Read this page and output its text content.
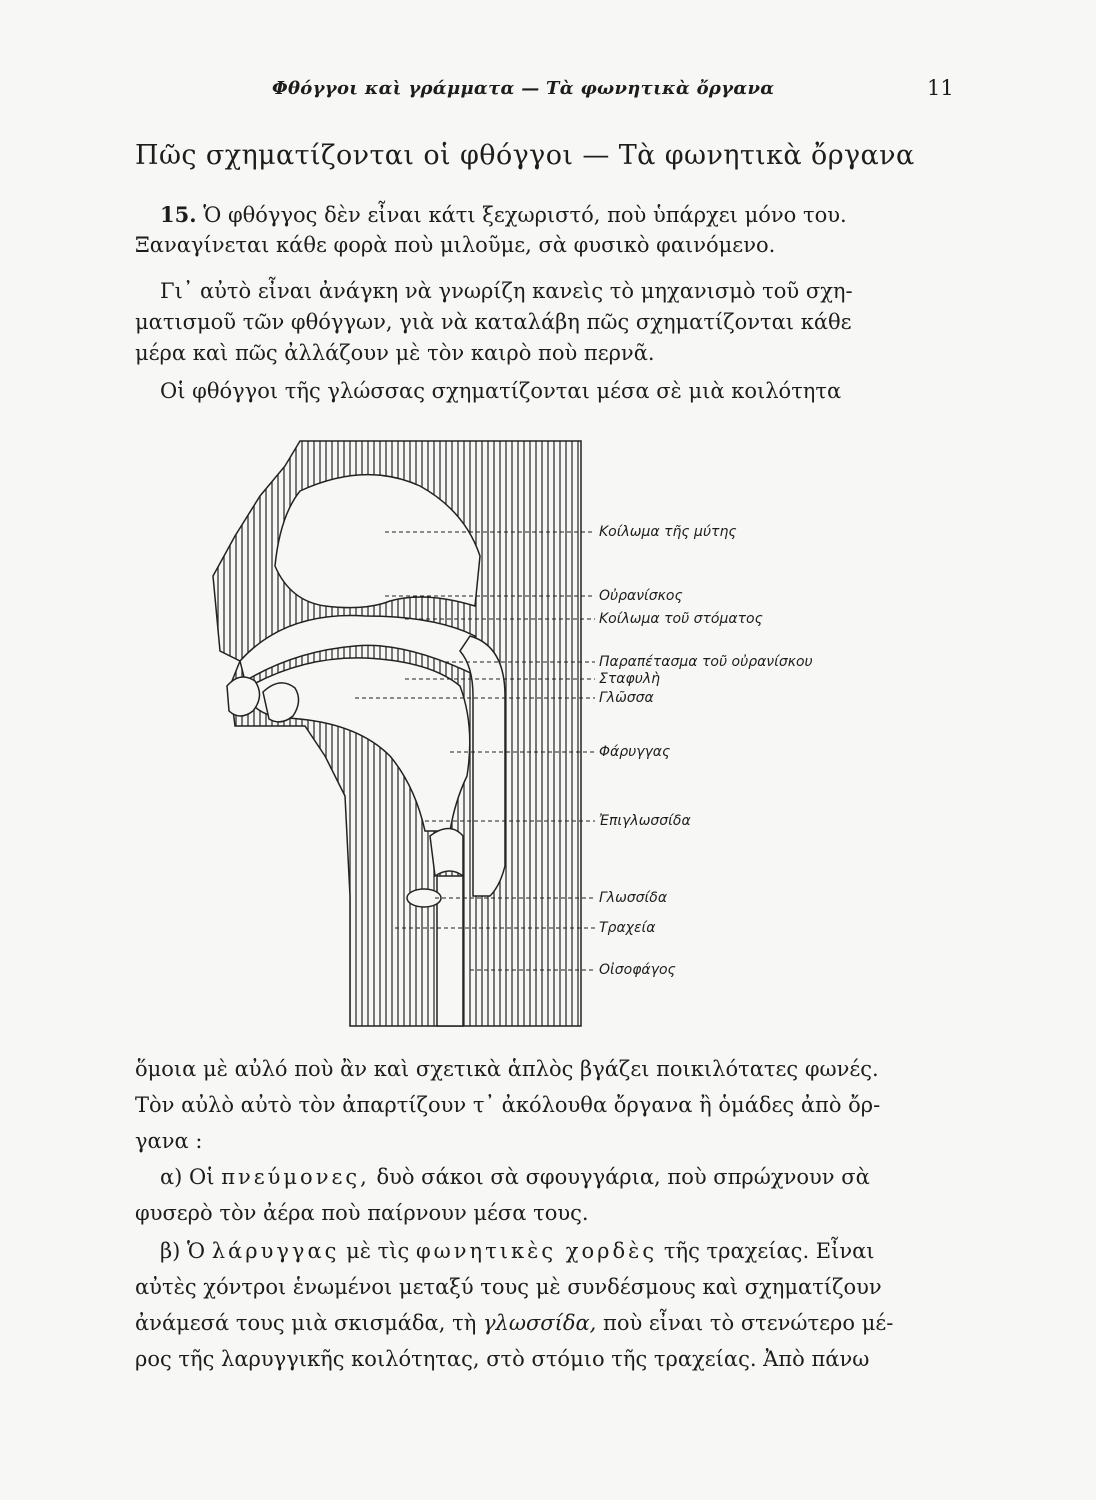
Φθόγγοι καὶ γράμματα — Τὰ φωνητικὰ ὄργανα	11
Πῶς σχηματίζονται οἱ φθόγγοι — Τὰ φωνητικὰ ὄργανα
15. Ὁ φθόγγος δὲν εἶναι κάτι ξεχωριστό, ποὺ ὑπάρχει μόνο του.
Ξαναγίνεται κάθε φορὰ ποὺ μιλοῦμε, σὰ φυσικὸ φαινόμενο.
Γι᾿ αὐτὸ εἶναι ἀνάγκη νὰ γνωρίζη κανεὶς τὸ μηχανισμὸ τοῦ σχη-
ματισμοῦ τῶν φθόγγων, γιὰ νὰ καταλάβη πῶς σχηματίζονται κάθε
μέρα καὶ πῶς ἀλλάζουν μὲ τὸν καιρὸ ποὺ περνᾶ.
Οἱ φθόγγοι τῆς γλώσσας σχηματίζονται μέσα σὲ μιὰ κοιλότητα
Κοίλωμα τῆς μύτης
Οὐρανίσκος
Κοίλωμα τοῦ στόματος
Παραπέτασμα τοῦ οὐρανίσκου
Σταφυλὴ
Γλῶσσα
Φάρυγγας
Ἐπιγλωσσίδα
Γλωσσίδα
Τραχεία
Οἰσοφάγος
ὅμοια μὲ αὐλό ποὺ ἂν καὶ σχετικὰ ἁπλὸς βγάζει ποικιλότατες φωνές.
Τὸν αὐλὸ αὐτὸ τὸν ἀπαρτίζουν τ᾿ ἀκόλουθα ὄργανα ἢ ὁμάδες ἀπὸ ὄρ-
γανα :
α) Οἱ πνεύμονες, δυὸ σάκοι σὰ σφουγγάρια, ποὺ σπρώχνουν σὰ
φυσερὸ τὸν ἀέρα ποὺ παίρνουν μέσα τους.
β) Ὁ λάρυγγας μὲ τὶς φωνητικὲς χορδὲς τῆς τραχείας. Εἶναι
αὐτὲς χόντροι ἑνωμένοι μεταξύ τους μὲ συνδέσμους καὶ σχηματίζουν
ἀνάμεσά τους μιὰ σκισμάδα, τὴ γλωσσίδα, ποὺ εἶναι τὸ στενώτερο μέ-
ρος τῆς λαρυγγικῆς κοιλότητας, στὸ στόμιο τῆς τραχείας. Ἀπὸ πάνω
